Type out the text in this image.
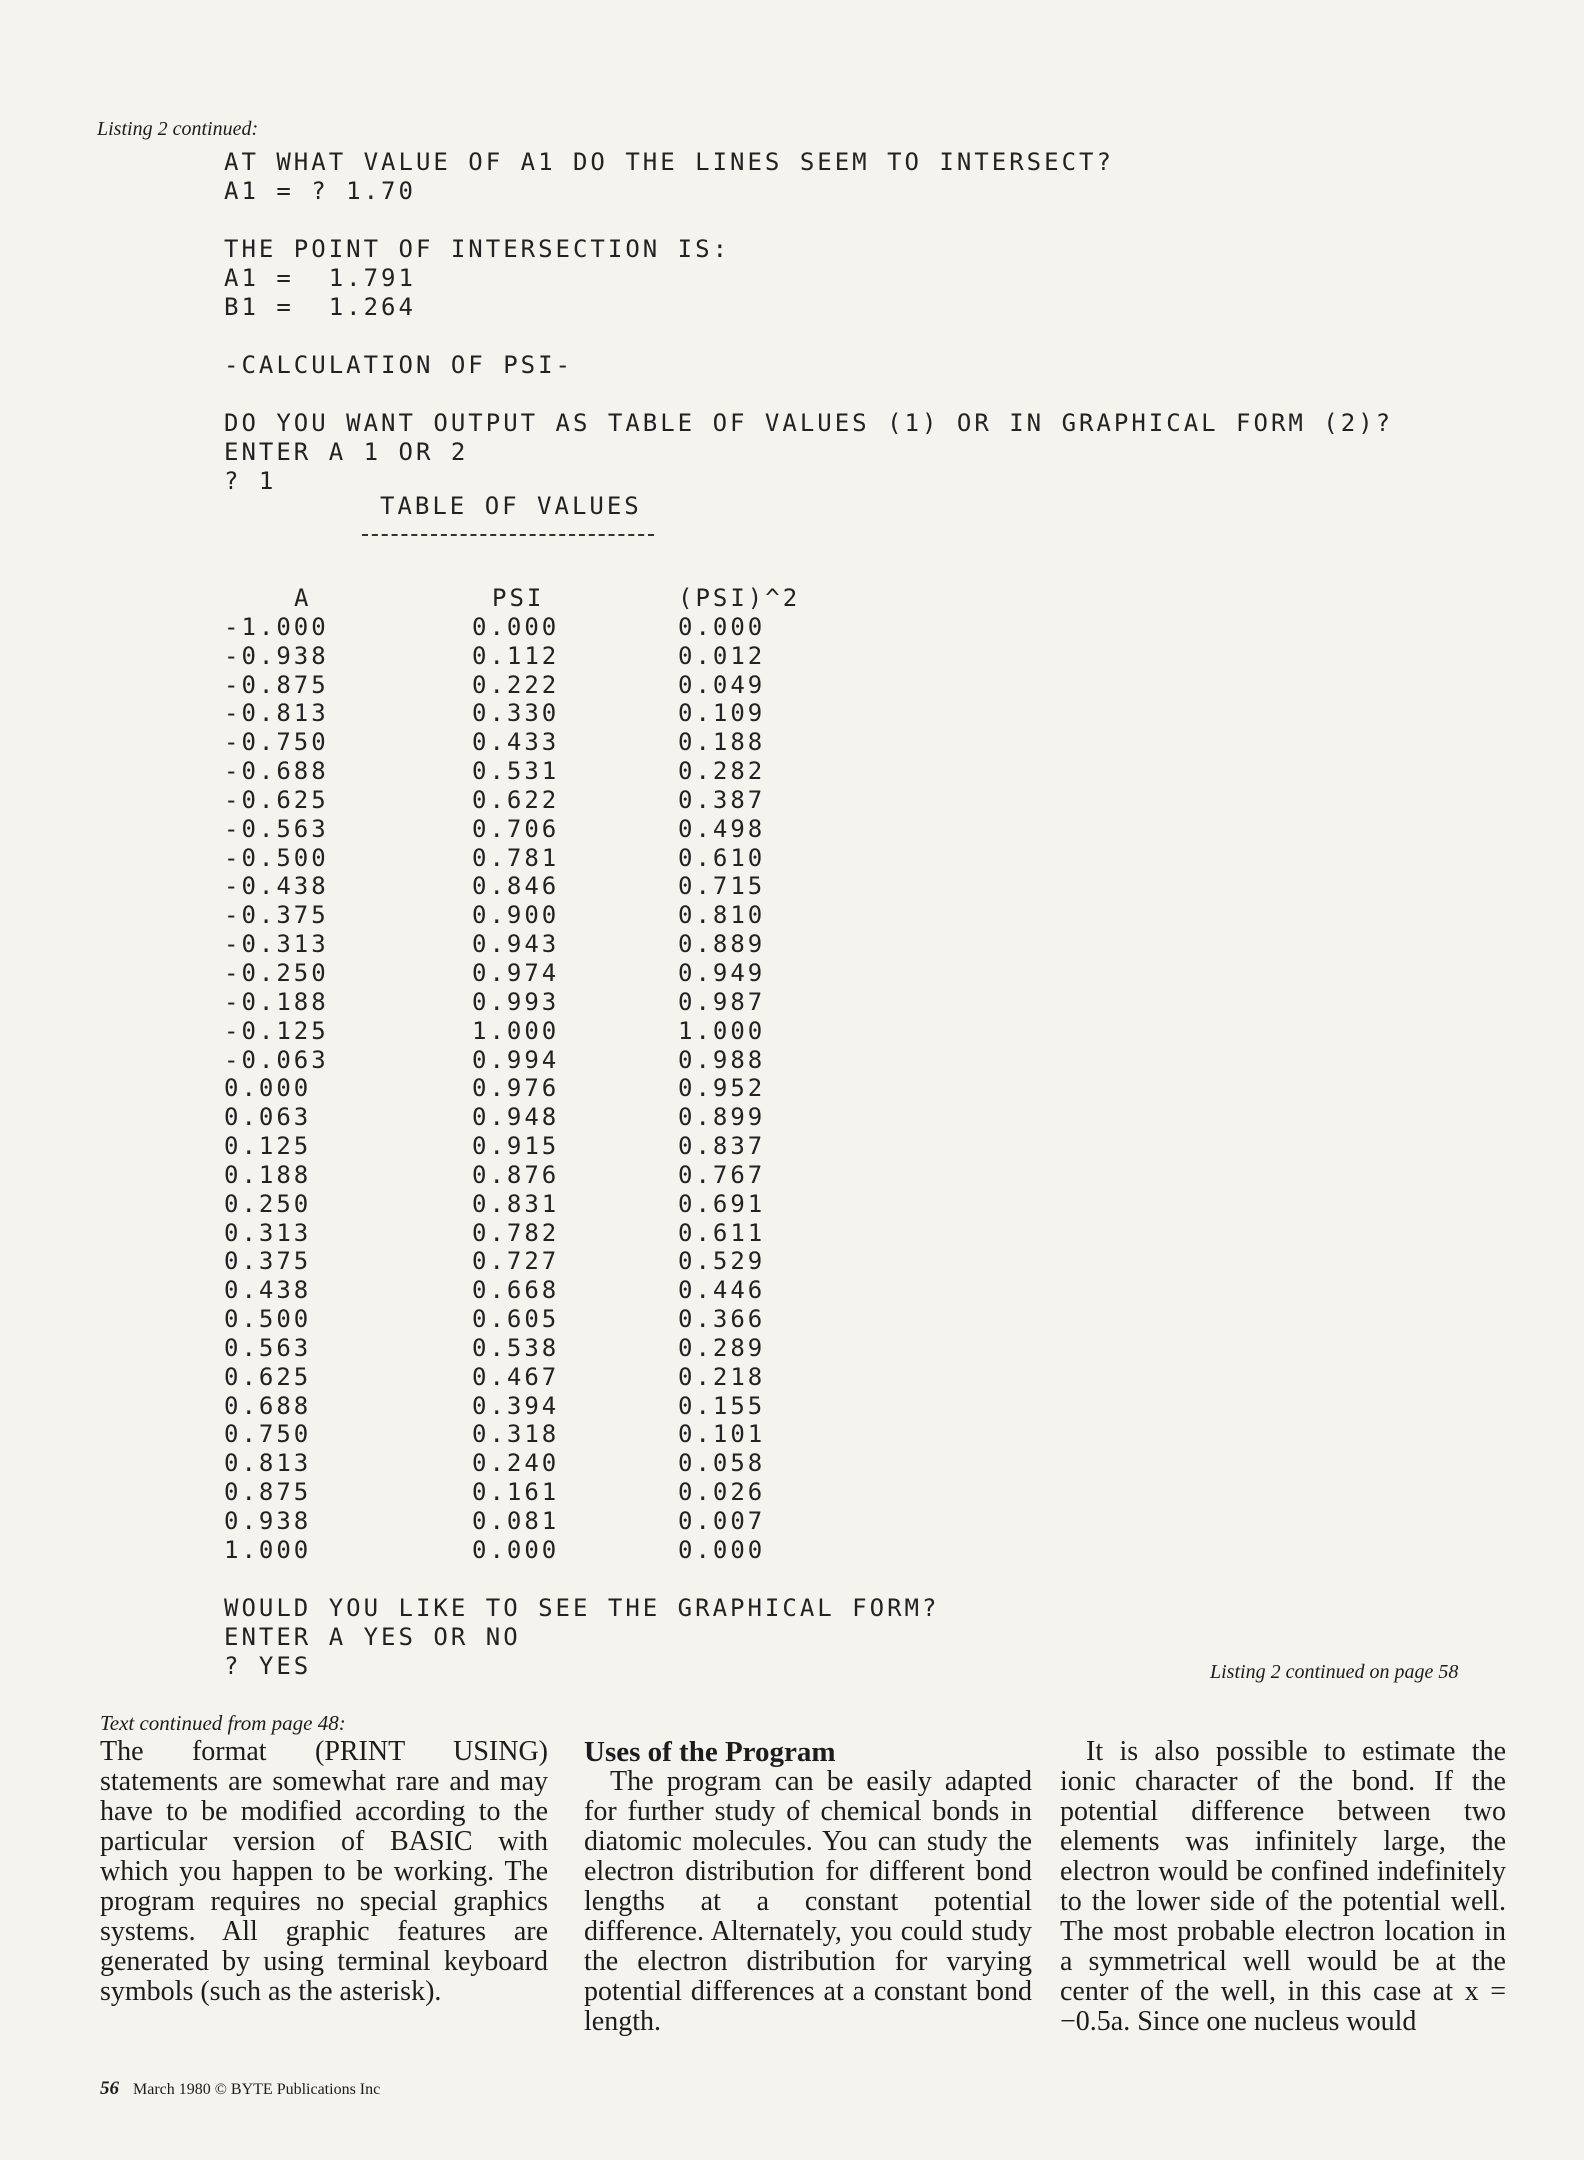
Listing 2 continued:
AT WHAT VALUE OF A1 DO THE LINES SEEM TO INTERSECT?
A1 = ? 1.70

THE POINT OF INTERSECTION IS:
A1 =  1.791
B1 =  1.264

-CALCULATION OF PSI-

DO YOU WANT OUTPUT AS TABLE OF VALUES (1) OR IN GRAPHICAL FORM (2)?
ENTER A 1 OR 2
? 1
TABLE OF VALUES
A	PSI	(PSI)^2
-1.000	0.000	0.000
-0.938	0.112	0.012
-0.875	0.222	0.049
-0.813	0.330	0.109
-0.750	0.433	0.188
-0.688	0.531	0.282
-0.625	0.622	0.387
-0.563	0.706	0.498
-0.500	0.781	0.610
-0.438	0.846	0.715
-0.375	0.900	0.810
-0.313	0.943	0.889
-0.250	0.974	0.949
-0.188	0.993	0.987
-0.125	1.000	1.000
-0.063	0.994	0.988
0.000	0.976	0.952
0.063	0.948	0.899
0.125	0.915	0.837
0.188	0.876	0.767
0.250	0.831	0.691
0.313	0.782	0.611
0.375	0.727	0.529
0.438	0.668	0.446
0.500	0.605	0.366
0.563	0.538	0.289
0.625	0.467	0.218
0.688	0.394	0.155
0.750	0.318	0.101
0.813	0.240	0.058
0.875	0.161	0.026
0.938	0.081	0.007
1.000	0.000	0.000
WOULD YOU LIKE TO SEE THE GRAPHICAL FORM?
ENTER A YES OR NO
? YES	Listing 2 continued on page 58
Text continued from page 48:

The format (PRINT USING) statements are somewhat rare and may have to be modified according to the particular version of BASIC with which you happen to be working. The program requires no special graphics systems. All graphic features are generated by using terminal keyboard symbols (such as the asterisk).

Uses of the Program

The program can be easily adapted for further study of chemical bonds in diatomic molecules. You can study the electron distribution for different bond lengths at a constant potential difference. Alternately, you could study the electron distribution for varying potential differences at a constant bond length.

It is also possible to estimate the ionic character of the bond. If the potential difference between two elements was infinitely large, the electron would be confined indefinitely to the lower side of the potential well. The most probable electron location in a symmetrical well would be at the center of the well, in this case at x = −0.5a. Since one nucleus would

56 March 1980 © BYTE Publications Inc
